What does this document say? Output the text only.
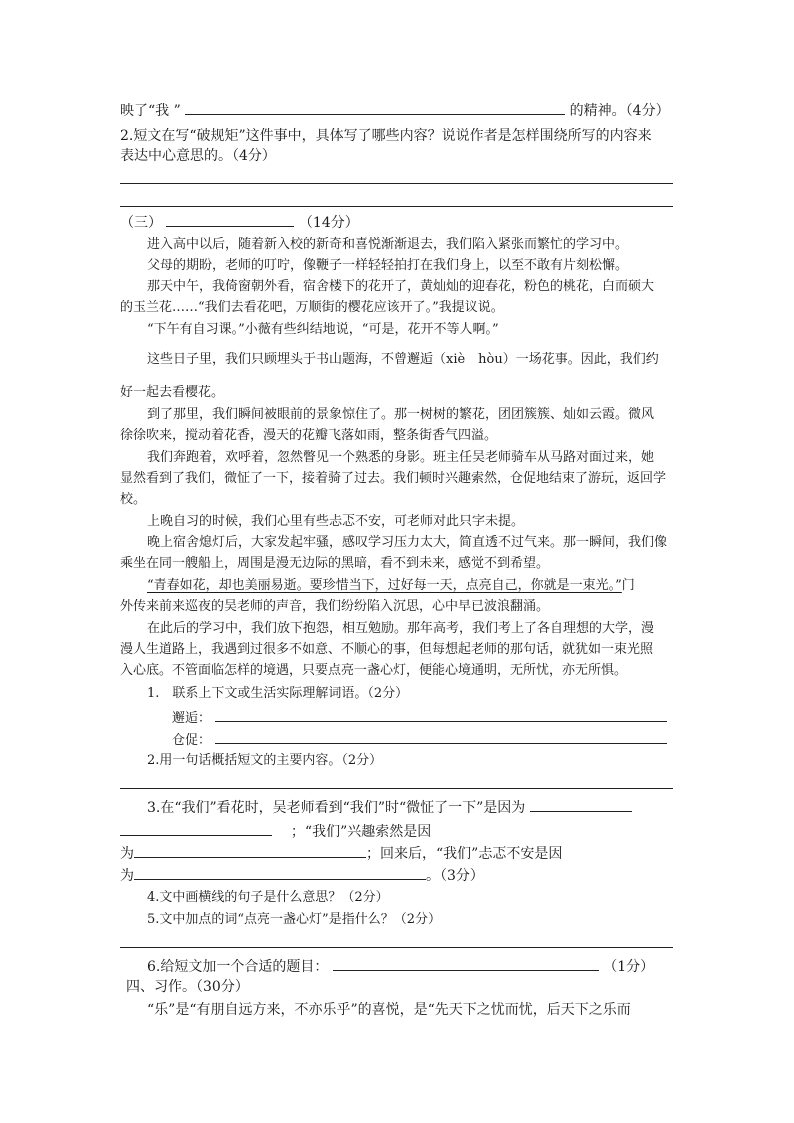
映了“我 ”	的精神。（4分）
2.短文在写“破规矩”这件事中，具体写了哪些内容？说说作者是怎样围绕所写的内容来
表达中心意思的。（4分）
（三）	（14分）
进入高中以后，随着新入校的新奇和喜悦渐渐退去，我们陷入紧张而繁忙的学习中。
父母的期盼，老师的叮咛，像鞭子一样轻轻拍打在我们身上，以至不敢有片刻松懈。
那天中午，我倚窗朝外看，宿舍楼下的花开了，黄灿灿的迎春花，粉色的桃花，白而硕大
的玉兰花……“我们去看花吧，万顺街的樱花应该开了。”我提议说。
“下午有自习课。”小薇有些纠结地说，“可是，花开不等人啊。”
这些日子里，我们只顾埋头于书山题海，不曾邂逅（xiè　hòu）一场花事。因此，我们约
好一起去看樱花。
到了那里，我们瞬间被眼前的景象惊住了。那一树树的繁花，团团簇簇、灿如云霞。微风
徐徐吹来，搅动着花香，漫天的花瓣飞落如雨，整条街香气四溢。
我们奔跑着，欢呼着，忽然瞥见一个熟悉的身影。班主任吴老师骑车从马路对面过来，她
显然看到了我们，微怔了一下，接着骑了过去。我们顿时兴趣索然，仓促地结束了游玩，返回学
校。
上晚自习的时候，我们心里有些忐忑不安，可老师对此只字未提。
晚上宿舍熄灯后，大家发起牢骚，感叹学习压力太大，简直透不过气来。那一瞬间，我们像
乘坐在同一艘船上，周围是漫无边际的黑暗，看不到未来，感觉不到希望。
“青春如花，却也美丽易逝。要珍惜当下，过好每一天，点亮自己，你就是一束光。”门
外传来前来巡夜的吴老师的声音，我们纷纷陷入沉思，心中早已波浪翻涌。
在此后的学习中，我们放下抱怨，相互勉励。那年高考，我们考上了各自理想的大学，漫
漫人生道路上，我遇到过很多不如意、不顺心的事，但每想起老师的那句话，就犹如一束光照
入心底。不管面临怎样的境遇，只要点亮一盏心灯，便能心境通明，无所忧，亦无所惧。
1.　联系上下文或生活实际理解词语。（2分）
邂逅：
仓促：
2.用一句话概括短文的主要内容。（2分）
3.在“我们”看花时，吴老师看到“我们”时“微怔了一下”是因为
；“我们”兴趣索然是因
为	；回来后，“我们”忐忑不安是因
为	。（3分）
4.文中画横线的句子是什么意思？（2分）
5.文中加点的词“点亮一盏心灯”是指什么？（2分）
6.给短文加一个合适的题目：	（1分）
四、习作。（30分）
“乐”是“有朋自远方来，不亦乐乎”的喜悦，是“先天下之忧而忧，后天下之乐而
